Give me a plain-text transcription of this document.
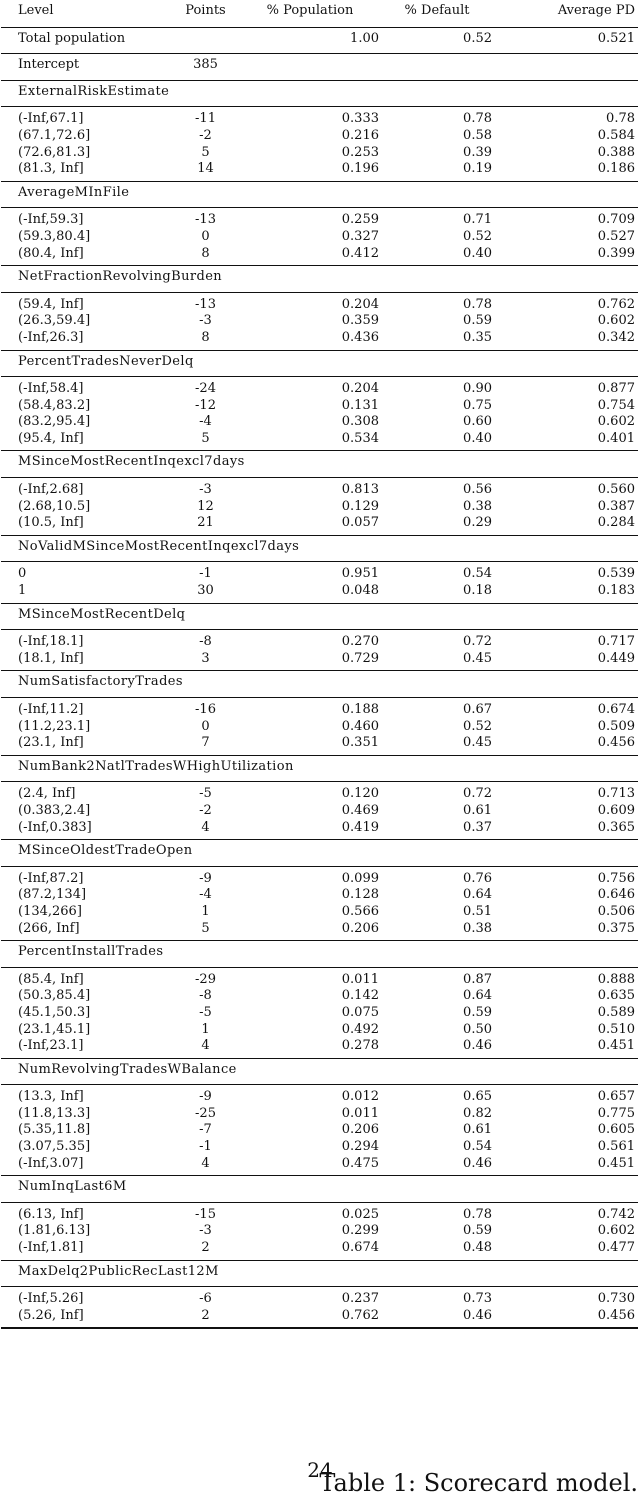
Level	Points	% Population	% Default	Average PD

Total population		1.00	0.52	0.521

Intercept	385			

ExternalRiskEstimate				

(-Inf,67.1]	-11	0.333	0.78	0.78
(67.1,72.6]	-2	0.216	0.58	0.584
(72.6,81.3]	5	0.253	0.39	0.388
(81.3, Inf]	14	0.196	0.19	0.186

AverageMInFile				

(-Inf,59.3]	-13	0.259	0.71	0.709
(59.3,80.4]	0	0.327	0.52	0.527
(80.4, Inf]	8	0.412	0.40	0.399

NetFractionRevolvingBurden				

(59.4, Inf]	-13	0.204	0.78	0.762
(26.3,59.4]	-3	0.359	0.59	0.602
(-Inf,26.3]	8	0.436	0.35	0.342

PercentTradesNeverDelq				

(-Inf,58.4]	-24	0.204	0.90	0.877
(58.4,83.2]	-12	0.131	0.75	0.754
(83.2,95.4]	-4	0.308	0.60	0.602
(95.4, Inf]	5	0.534	0.40	0.401

MSinceMostRecentInqexcl7days				

(-Inf,2.68]	-3	0.813	0.56	0.560
(2.68,10.5]	12	0.129	0.38	0.387
(10.5, Inf]	21	0.057	0.29	0.284

NoValidMSinceMostRecentInqexcl7days				

0	-1	0.951	0.54	0.539
1	30	0.048	0.18	0.183

MSinceMostRecentDelq				

(-Inf,18.1]	-8	0.270	0.72	0.717
(18.1, Inf]	3	0.729	0.45	0.449

NumSatisfactoryTrades				

(-Inf,11.2]	-16	0.188	0.67	0.674
(11.2,23.1]	0	0.460	0.52	0.509
(23.1, Inf]	7	0.351	0.45	0.456

NumBank2NatlTradesWHighUtilization				

(2.4, Inf]	-5	0.120	0.72	0.713
(0.383,2.4]	-2	0.469	0.61	0.609
(-Inf,0.383]	4	0.419	0.37	0.365

MSinceOldestTradeOpen				

(-Inf,87.2]	-9	0.099	0.76	0.756
(87.2,134]	-4	0.128	0.64	0.646
(134,266]	1	0.566	0.51	0.506
(266, Inf]	5	0.206	0.38	0.375

PercentInstallTrades				

(85.4, Inf]	-29	0.011	0.87	0.888
(50.3,85.4]	-8	0.142	0.64	0.635
(45.1,50.3]	-5	0.075	0.59	0.589
(23.1,45.1]	1	0.492	0.50	0.510
(-Inf,23.1]	4	0.278	0.46	0.451

NumRevolvingTradesWBalance				

(13.3, Inf]	-9	0.012	0.65	0.657
(11.8,13.3]	-25	0.011	0.82	0.775
(5.35,11.8]	-7	0.206	0.61	0.605
(3.07,5.35]	-1	0.294	0.54	0.561
(-Inf,3.07]	4	0.475	0.46	0.451

NumInqLast6M				

(6.13, Inf]	-15	0.025	0.78	0.742
(1.81,6.13]	-3	0.299	0.59	0.602
(-Inf,1.81]	2	0.674	0.48	0.477

MaxDelq2PublicRecLast12M				

(-Inf,5.26]	-6	0.237	0.73	0.730
(5.26, Inf]	2	0.762	0.46	0.456

24
Table 1: Scorecard model.
